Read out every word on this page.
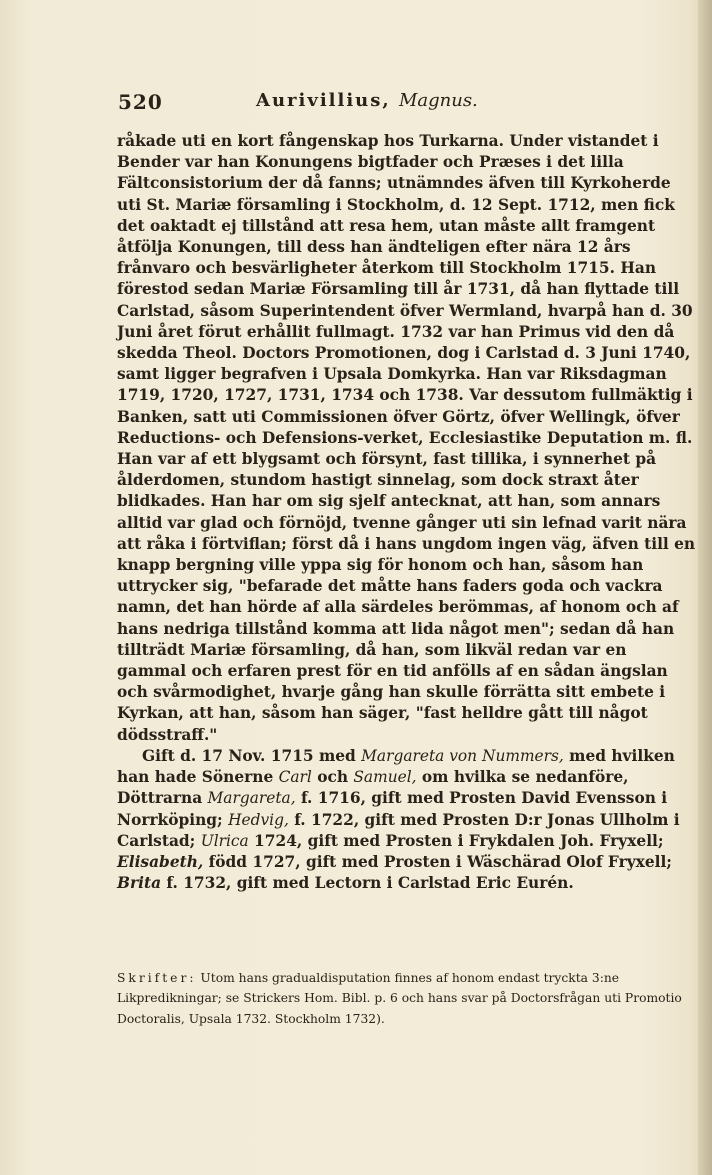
520	Aurivillius, Magnus.

råkade uti en kort fångenskap hos Turkarna. Under vistandet i Bender var han Konungens bigtfader och Præses i det lilla Fältconsistorium der då fanns; utnämndes äfven till Kyrkoherde uti St. Mariæ församling i Stockholm, d. 12 Sept. 1712, men fick det oaktadt ej tillstånd att resa hem, utan måste allt framgent åtfölja Konungen, till dess han ändteligen efter nära 12 års frånvaro och besvärligheter återkom till Stockholm 1715. Han förestod sedan Mariæ Församling till år 1731, då han flyttade till Carlstad, såsom Superintendent öfver Wermland, hvarpå han d. 30 Juni året förut erhållit fullmagt. 1732 var han Primus vid den då skedda Theol. Doctors Promotionen, dog i Carlstad d. 3 Juni 1740, samt ligger begrafven i Upsala Domkyrka. Han var Riksdagman 1719, 1720, 1727, 1731, 1734 och 1738. Var dessutom fullmäktig i Banken, satt uti Commissionen öfver Görtz, öfver Wellingk, öfver Reductions- och Defensions-verket, Ecclesiastike Deputation m. fl. Han var af ett blygsamt och försynt, fast tillika, i synnerhet på ålderdomen, stundom hastigt sinnelag, som dock straxt åter blidkades. Han har om sig sjelf antecknat, att han, som annars alltid var glad och förnöjd, tvenne gånger uti sin lefnad varit nära att råka i förtviflan; först då i hans ungdom ingen väg, äfven till en knapp bergning ville yppa sig för honom och han, såsom han uttrycker sig, "befarade det måtte hans faders goda och vackra namn, det han hörde af alla särdeles berömmas, af honom och af hans nedriga tillstånd komma att lida något men"; sedan då han tillträdt Mariæ församling, då han, som likväl redan var en gammal och erfaren prest för en tid anfölls af en sådan ängslan och svårmodighet, hvarje gång han skulle förrätta sitt embete i Kyrkan, att han, såsom han säger, "fast helldre gått till något dödsstraff."

Gift d. 17 Nov. 1715 med Margareta von Nummers, med hvilken han hade Sönerne Carl och Samuel, om hvilka se nedanföre, Döttrarna Margareta, f. 1716, gift med Prosten David Evensson i Norrköping; Hedvig, f. 1722, gift med Prosten D:r Jonas Ullholm i Carlstad; Ulrica 1724, gift med Prosten i Frykdalen Joh. Fryxell; Elisabeth, född 1727, gift med Prosten i Wäschärad Olof Fryxell; Brita f. 1732, gift med Lectorn i Carlstad Eric Eurén.

Skrifter: Utom hans gradualdisputation finnes af honom endast tryckta 3:ne Likpredikningar; se Strickers Hom. Bibl. p. 6 och hans svar på Doctorsfrågan uti Promotio Doctoralis, Upsala 1732. Stockholm 1732).
